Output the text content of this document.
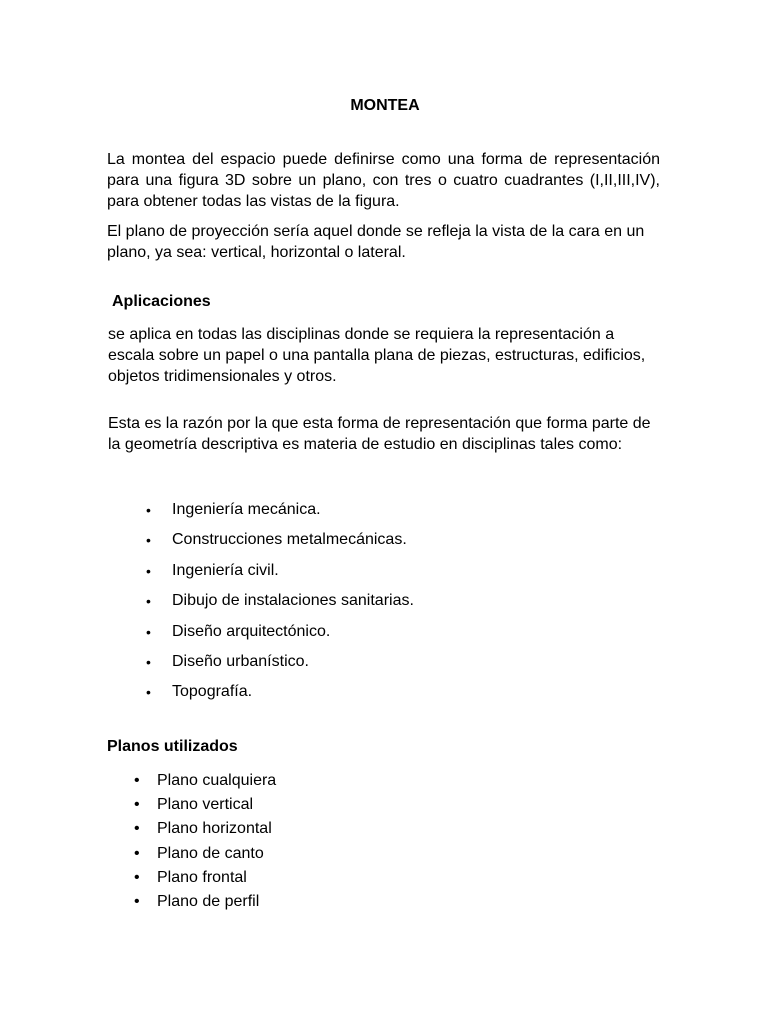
MONTEA

La montea del espacio puede definirse como una forma de representación para una figura 3D sobre un plano, con tres o cuatro cuadrantes (I,II,III,IV), para obtener todas las vistas de la figura.

El plano de proyección sería aquel donde se refleja la vista de la cara en un plano, ya sea: vertical, horizontal o lateral.

Aplicaciones

se aplica en todas las disciplinas donde se requiera la representación a escala sobre un papel o una pantalla plana de piezas, estructuras, edificios, objetos tridimensionales y otros.

Esta es la razón por la que esta forma de representación que forma parte de la geometría descriptiva es materia de estudio en disciplinas tales como:

• Ingeniería mecánica.
• Construcciones metalmecánicas.
• Ingeniería civil.
• Dibujo de instalaciones sanitarias.
• Diseño arquitectónico.
• Diseño urbanístico.
• Topografía.
Planos utilizados
• Plano cualquiera
• Plano vertical
• Plano horizontal
• Plano de canto
• Plano frontal
• Plano de perfil
